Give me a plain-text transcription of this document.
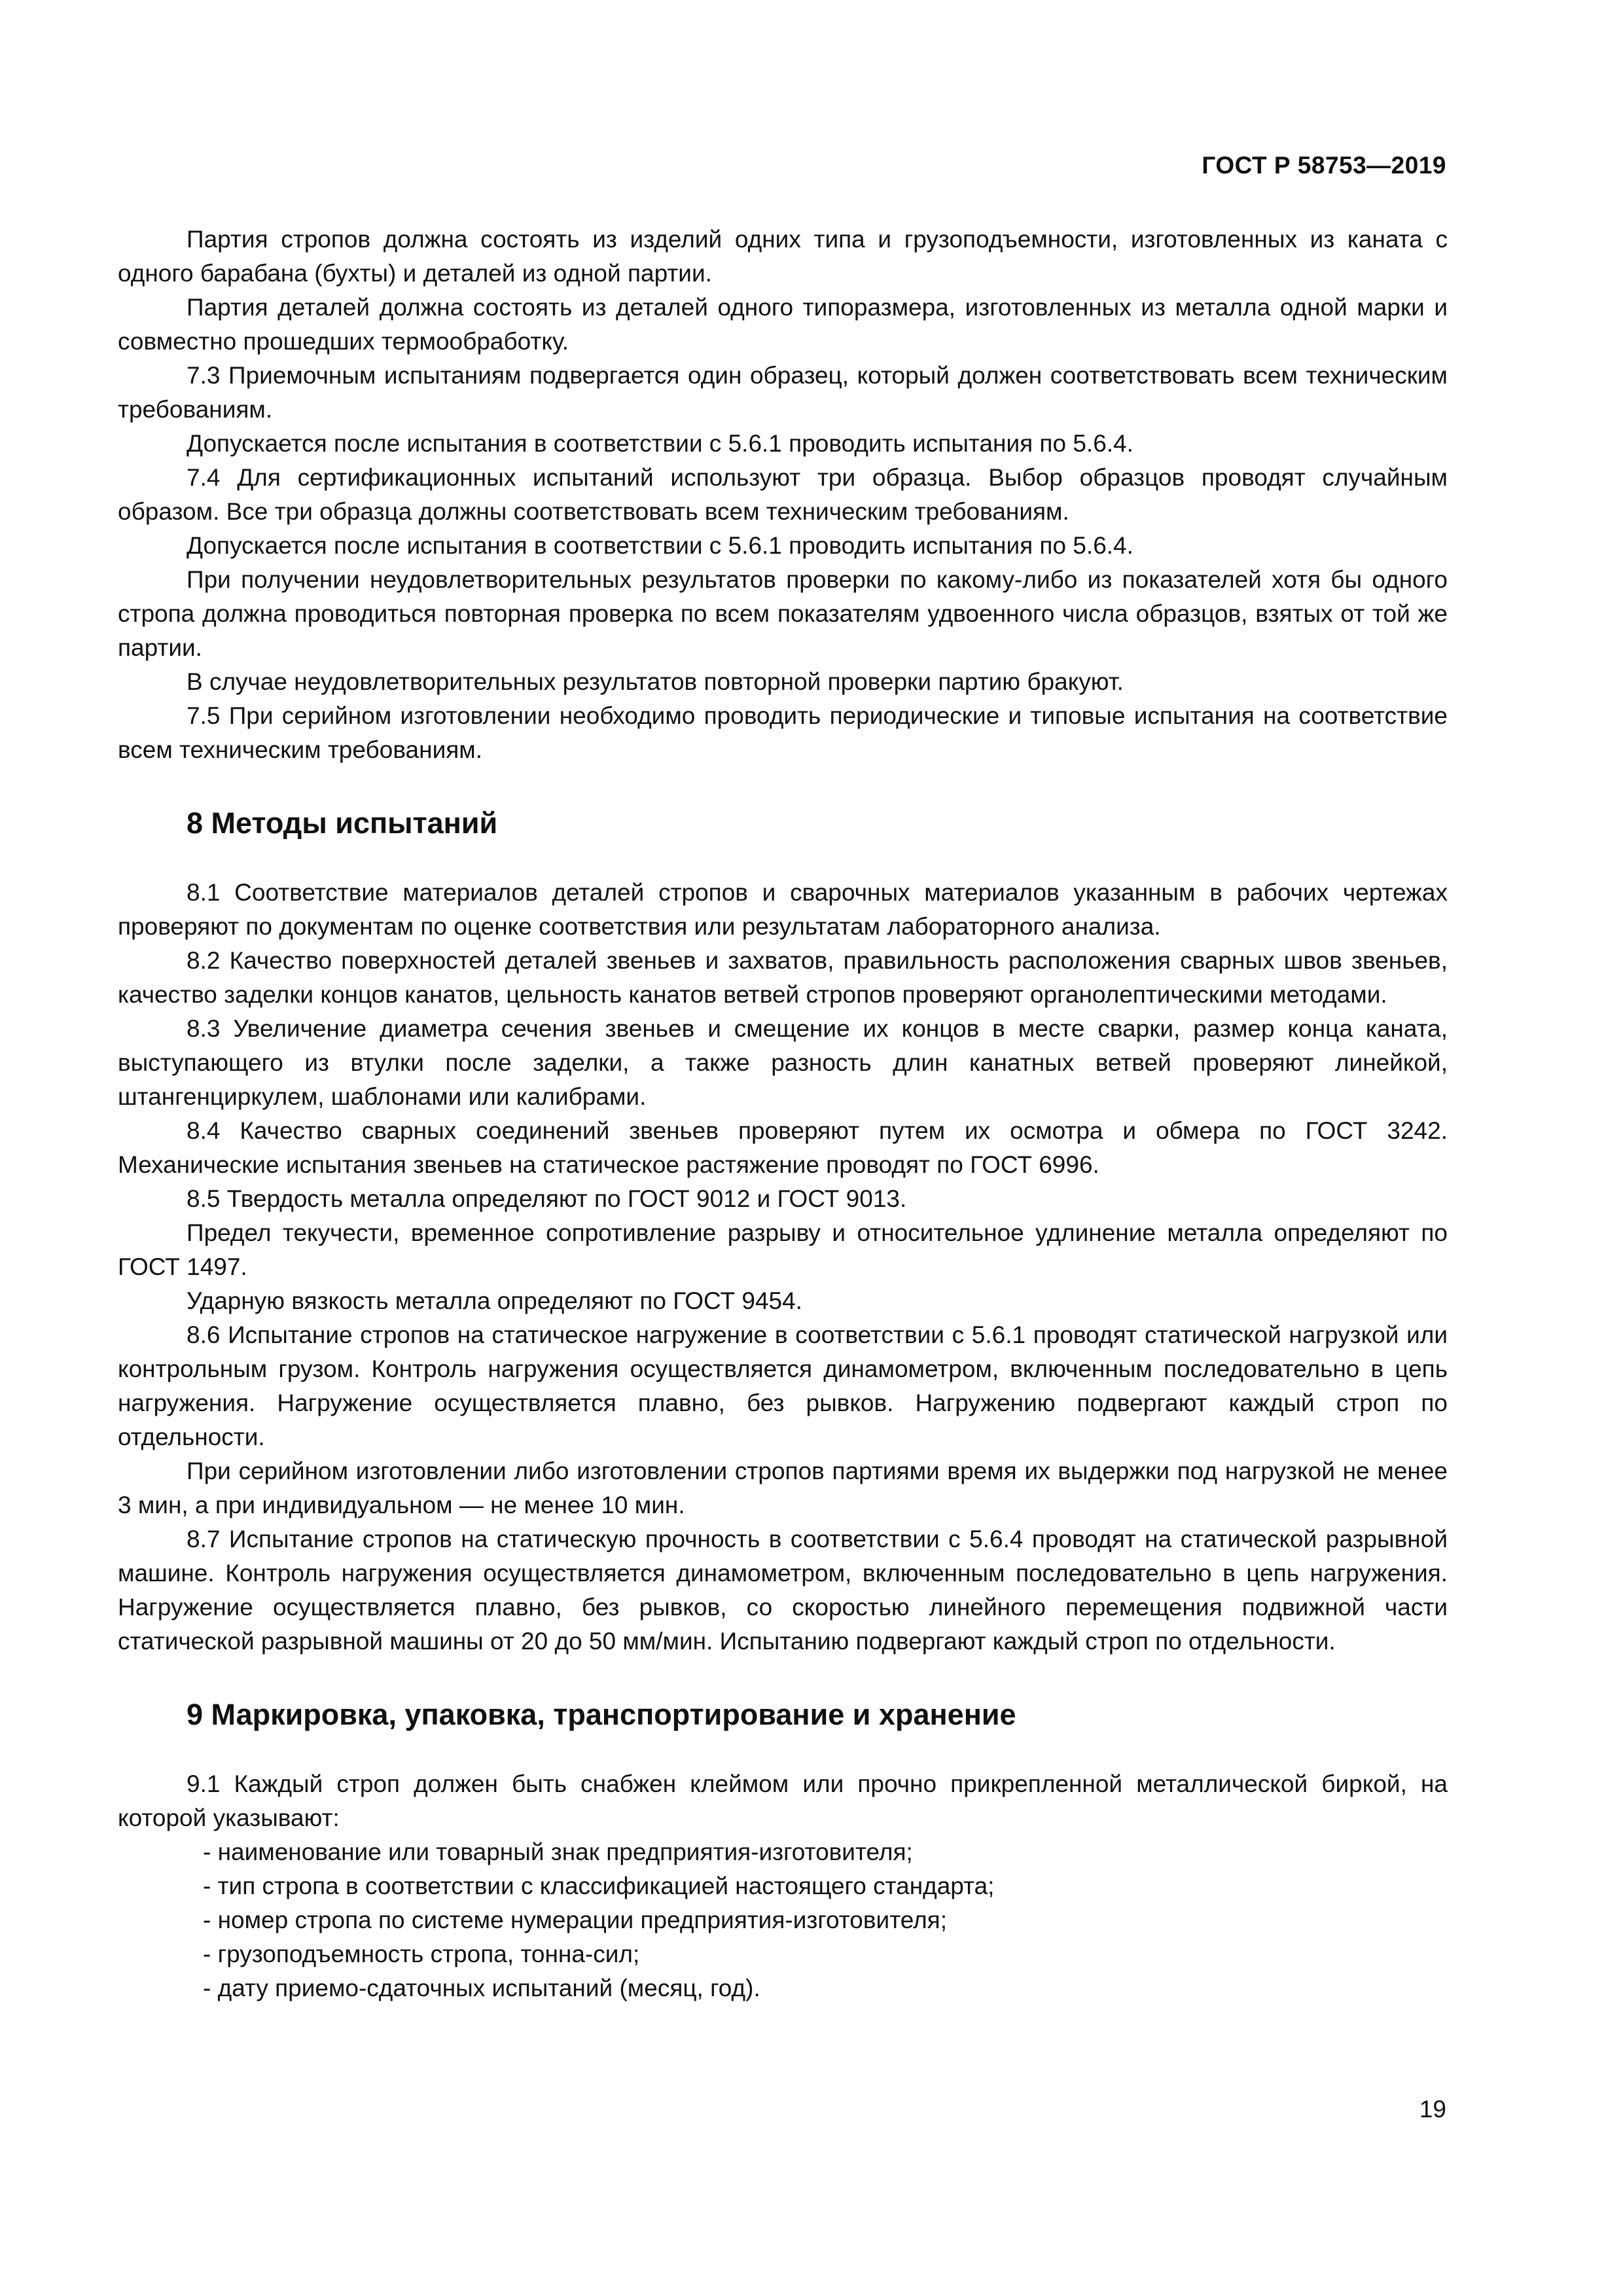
ГОСТ Р 58753—2019

Партия стропов должна состоять из изделий одних типа и грузоподъемности, изготовленных из каната с одного барабана (бухты) и деталей из одной партии.

Партия деталей должна состоять из деталей одного типоразмера, изготовленных из металла одной марки и совместно прошедших термообработку.

7.3 Приемочным испытаниям подвергается один образец, который должен соответствовать всем техническим требованиям.

Допускается после испытания в соответствии с 5.6.1 проводить испытания по 5.6.4.

7.4 Для сертификационных испытаний используют три образца. Выбор образцов проводят случайным образом. Все три образца должны соответствовать всем техническим требованиям.

Допускается после испытания в соответствии с 5.6.1 проводить испытания по 5.6.4.

При получении неудовлетворительных результатов проверки по какому-либо из показателей хотя бы одного стропа должна проводиться повторная проверка по всем показателям удвоенного числа образцов, взятых от той же партии.

В случае неудовлетворительных результатов повторной проверки партию бракуют.

7.5 При серийном изготовлении необходимо проводить периодические и типовые испытания на соответствие всем техническим требованиям.

8 Методы испытаний

8.1 Соответствие материалов деталей стропов и сварочных материалов указанным в рабочих чертежах проверяют по документам по оценке соответствия или результатам лабораторного анализа.

8.2 Качество поверхностей деталей звеньев и захватов, правильность расположения сварных швов звеньев, качество заделки концов канатов, цельность канатов ветвей стропов проверяют органолептическими методами.

8.3 Увеличение диаметра сечения звеньев и смещение их концов в месте сварки, размер конца каната, выступающего из втулки после заделки, а также разность длин канатных ветвей проверяют линейкой, штангенциркулем, шаблонами или калибрами.

8.4 Качество сварных соединений звеньев проверяют путем их осмотра и обмера по ГОСТ 3242. Механические испытания звеньев на статическое растяжение проводят по ГОСТ 6996.

8.5 Твердость металла определяют по ГОСТ 9012 и ГОСТ 9013.

Предел текучести, временное сопротивление разрыву и относительное удлинение металла определяют по ГОСТ 1497.

Ударную вязкость металла определяют по ГОСТ 9454.

8.6 Испытание стропов на статическое нагружение в соответствии с 5.6.1 проводят статической нагрузкой или контрольным грузом. Контроль нагружения осуществляется динамометром, включенным последовательно в цепь нагружения. Нагружение осуществляется плавно, без рывков. Нагружению подвергают каждый строп по отдельности.

При серийном изготовлении либо изготовлении стропов партиями время их выдержки под нагрузкой не менее 3 мин, а при индивидуальном — не менее 10 мин.

8.7 Испытание стропов на статическую прочность в соответствии с 5.6.4 проводят на статической разрывной машине. Контроль нагружения осуществляется динамометром, включенным последовательно в цепь нагружения. Нагружение осуществляется плавно, без рывков, со скоростью линейного перемещения подвижной части статической разрывной машины от 20 до 50 мм/мин. Испытанию подвергают каждый строп по отдельности.

9 Маркировка, упаковка, транспортирование и хранение

9.1 Каждый строп должен быть снабжен клеймом или прочно прикрепленной металлической биркой, на которой указывают:

- наименование или товарный знак предприятия-изготовителя;

- тип стропа в соответствии с классификацией настоящего стандарта;

- номер стропа по системе нумерации предприятия-изготовителя;

- грузоподъемность стропа, тонна-сил;

- дату приемо-сдаточных испытаний (месяц, год).

19
